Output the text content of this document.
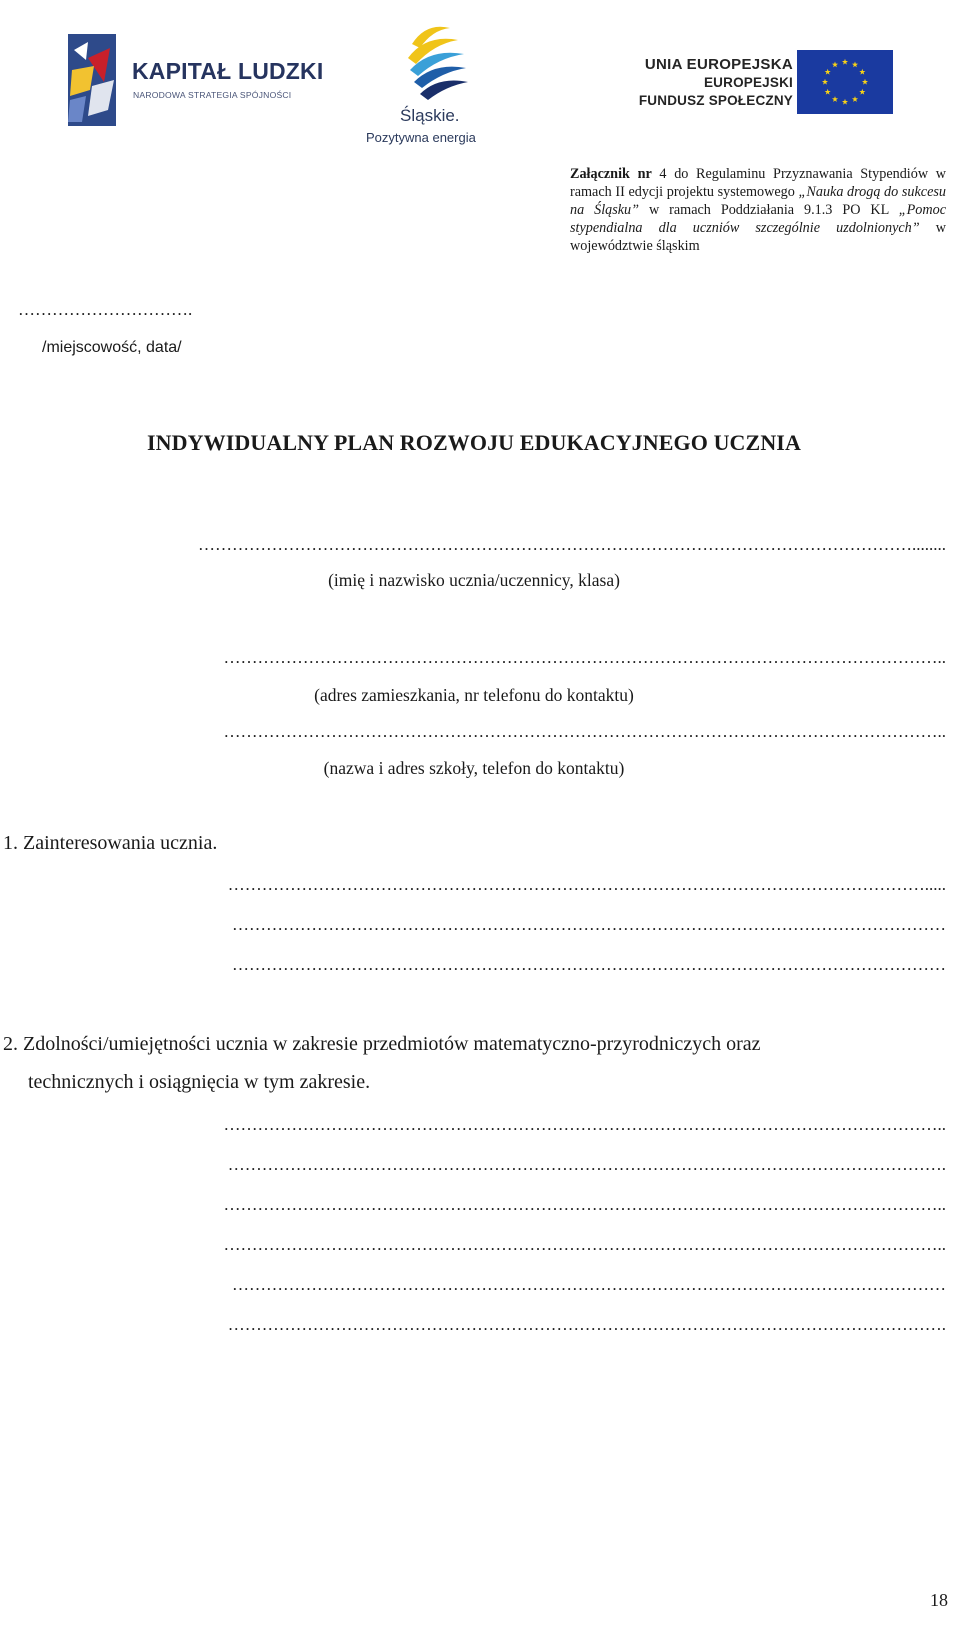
KAPITAŁ LUDZKI
NARODOWA STRATEGIA SPÓJNOŚCI
Śląskie.
Pozytywna energia
UNIA EUROPEJSKA
EUROPEJSKI
FUNDUSZ SPOŁECZNY
Załącznik nr 4 do Regulaminu Przyznawania Stypendiów w ramach II edycji projektu systemowego „Nauka drogą do sukcesu na Śląsku” w ramach Poddziałania 9.1.3 PO KL „Pomoc stypendialna dla uczniów szczególnie uzdolnionych” w województwie śląskim
………………………….
/miejscowość, data/
INDYWIDUALNY PLAN ROZWOJU EDUKACYJNEGO UCZNIA
………………………………………………………………………………………………………………........
(imię i nazwisko ucznia/uczennicy, klasa)
………………………………………………………………………………………………………………..
(adres zamieszkania, nr telefonu do kontaktu)
………………………………………………………………………………………………………………..
(nazwa i adres szkoły, telefon do kontaktu)
1. Zainteresowania ucznia.
…………………………………………………………………………………………………………….....
………………………………………………………………………………………………………………
………………………………………………………………………………………………………………
2. Zdolności/umiejętności ucznia w zakresie przedmiotów matematyczno-przyrodniczych oraz
technicznych i osiągnięcia w tym zakresie.
………………………………………………………………………………………………………………..
……………………………………………………………………………………………………………….
………………………………………………………………………………………………………………..
………………………………………………………………………………………………………………..
………………………………………………………………………………………………………………
……………………………………………………………………………………………………………….
18
